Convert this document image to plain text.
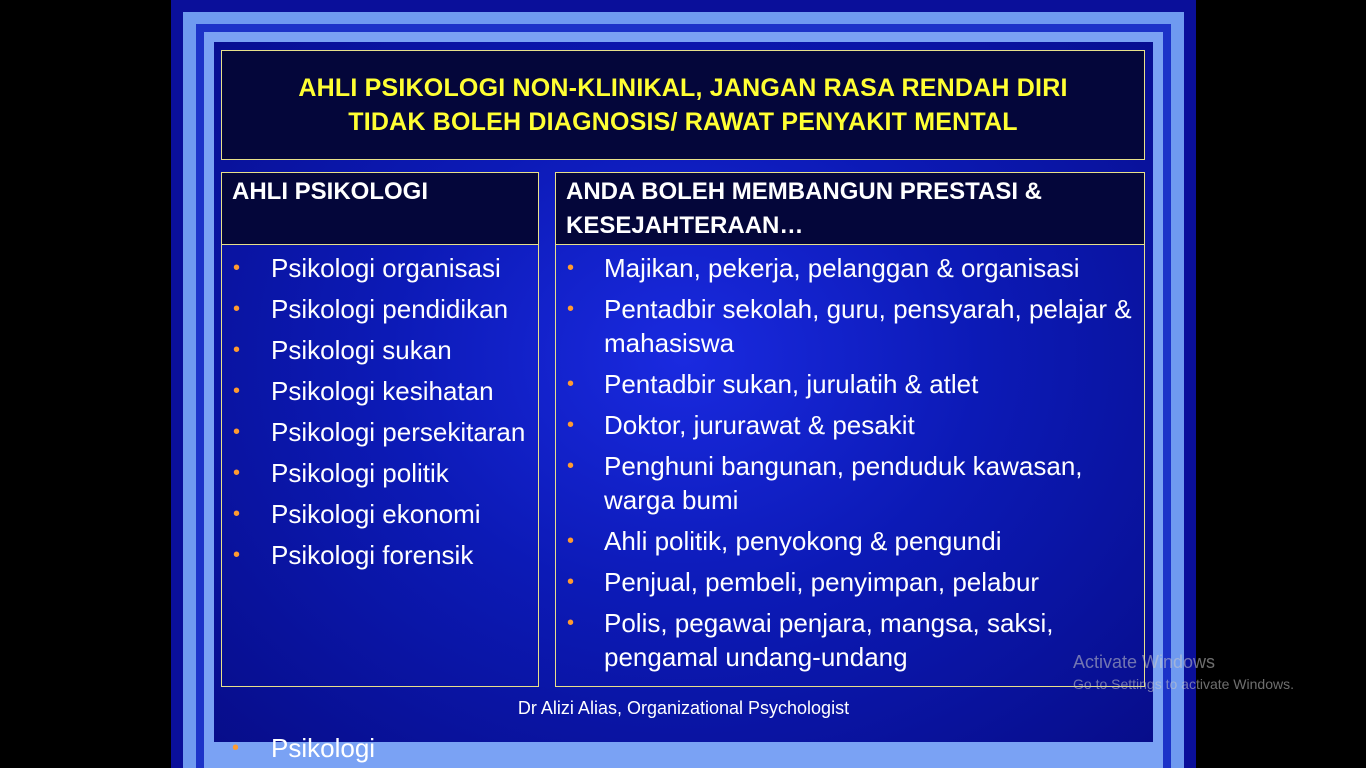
AHLI PSIKOLOGI NON-KLINIKAL, JANGAN RASA RENDAH DIRI
TIDAK BOLEH DIAGNOSIS/ RAWAT PENYAKIT MENTAL
AHLI PSIKOLOGI	ANDA BOLEH MEMBANGUN PRESTASI & KESEJAHTERAAN…
• Psikologi organisasi
• Psikologi pendidikan
• Psikologi sukan
• Psikologi kesihatan
• Psikologi persekitaran
• Psikologi politik
• Psikologi ekonomi
• Psikologi forensik
• Majikan, pekerja, pelanggan & organisasi
• Pentadbir sekolah, guru, pensyarah, pelajar & mahasiswa
• Pentadbir sukan, jurulatih & atlet
• Doktor, jururawat & pesakit
• Penghuni bangunan, penduduk kawasan, warga bumi
• Ahli politik, penyokong & pengundi
• Penjual, pembeli, penyimpan, pelabur
• Polis, pegawai penjara, mangsa, saksi, pengamal undang-undang
Dr Alizi Alias, Organizational Psychologist
• Psikologi
Activate Windows
Go to Settings to activate Windows.
